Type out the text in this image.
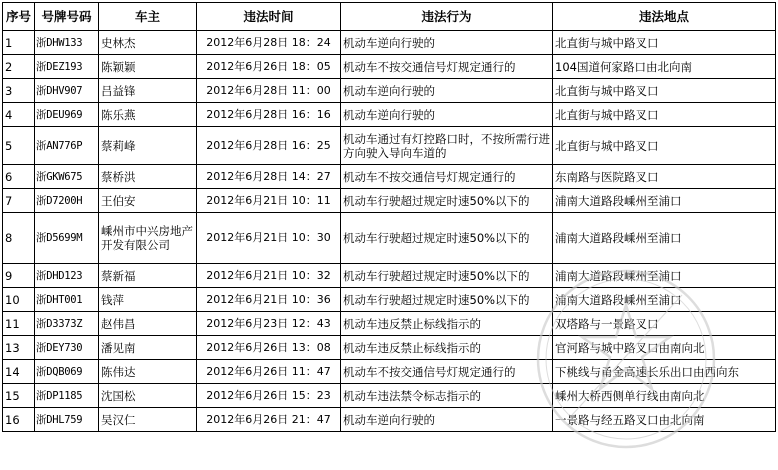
序号	号牌号码	车主	违法时间	违法行为	违法地点
1	浙DHW133	史林杰	2012年6月28日 18：24	机动车逆向行驶的	北直街与城中路叉口
2	浙DEZ193	陈颖颖	2012年6月26日 18：05	机动车不按交通信号灯规定通行的	104国道何家路口由北向南
3	浙DHV907	吕益锋	2012年6月28日 11：00	机动车逆向行驶的	北直街与城中路叉口
4	浙DEU969	陈乐燕	2012年6月28日 16：16	机动车逆向行驶的	北直街与城中路叉口
5	浙AN776P	蔡莉峰	2012年6月28日 16：25	机动车通过有灯控路口时，不按所需行进方向驶入导向车道的	北直街与城中路叉口
6	浙GKW675	蔡桥洪	2012年6月28日 14：27	机动车不按交通信号灯规定通行的	东南路与医院路叉口
7	浙D7200H	王伯安	2012年6月21日 10：11	机动车行驶超过规定时速50%以下的	浦南大道路段嵊州至浦口
8	浙D5699M	嵊州市中兴房地产开发有限公司	2012年6月21日 10：30	机动车行驶超过规定时速50%以下的	浦南大道路段嵊州至浦口
9	浙DHD123	蔡新福	2012年6月21日 10：32	机动车行驶超过规定时速50%以下的	浦南大道路段嵊州至浦口
10	浙DHT001	钱萍	2012年6月21日 10：36	机动车行驶超过规定时速50%以下的	浦南大道路段嵊州至浦口
11	浙D3373Z	赵伟昌	2012年6月23日 12：43	机动车违反禁止标线指示的	双塔路与一景路叉口
13	浙DEY730	潘见南	2012年6月26日 13：08	机动车违反禁止标线指示的	官河路与城中路叉口由南向北
14	浙DQB069	陈伟达	2012年6月26日 11：47	机动车不按交通信号灯规定通行的	下桃线与甬金高速长乐出口由西向东
15	浙DP1185	沈国松	2012年6月26日 15：23	机动车违法禁令标志指示的	嵊州大桥西侧单行线由南向北
16	浙DHL759	吴汉仁	2012年6月26日 21：47	机动车逆向行驶的	一景路与经五路叉口由北向南
